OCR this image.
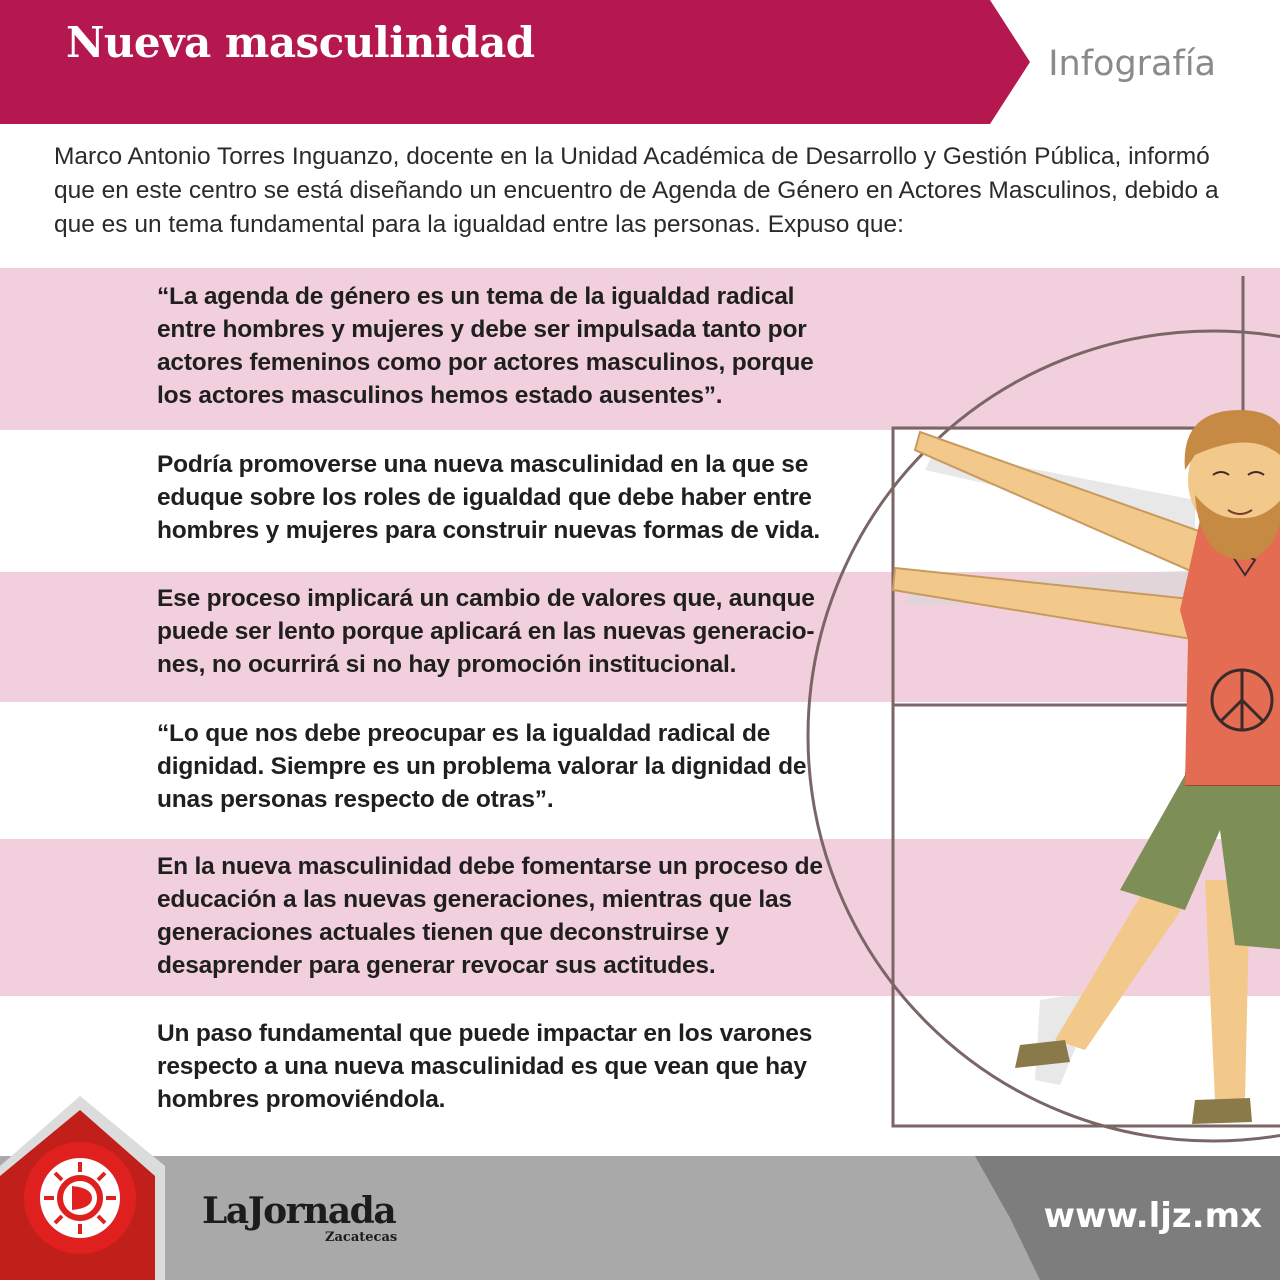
Nueva masculinidad	Infografía

Marco Antonio Torres Inguanzo, docente en la Unidad Académica de Desarrollo y Gestión Pública, informó que en este centro se está diseñando un encuentro de Agenda de Género en Actores Masculinos, debido a que es un tema fundamental para la igualdad entre las personas. Expuso que:

“La agenda de género es un tema de la igualdad radical entre hombres y mujeres y debe ser impulsada tanto por actores femeninos como por actores masculinos, porque los actores masculinos hemos estado ausentes”.

Podría promoverse una nueva masculinidad en la que se eduque sobre los roles de igualdad que debe haber entre hombres y mujeres para construir nuevas formas de vida.

Ese proceso implicará un cambio de valores que, aunque puede ser lento porque aplicará en las nuevas generacio-nes, no ocurrirá si no hay promoción institucional.

“Lo que nos debe preocupar es la igualdad radical de dignidad. Siempre es un problema valorar la dignidad de unas personas respecto de otras”.

En la nueva masculinidad debe fomentarse un proceso de educación a las nuevas generaciones, mientras que las generaciones actuales tienen que deconstruirse y desaprender para generar revocar sus actitudes.

Un paso fundamental que puede impactar en los varones respecto a una nueva masculinidad es que vean que hay hombres promoviéndola.

LaJornada
Zacatecas
www.ljz.mx
